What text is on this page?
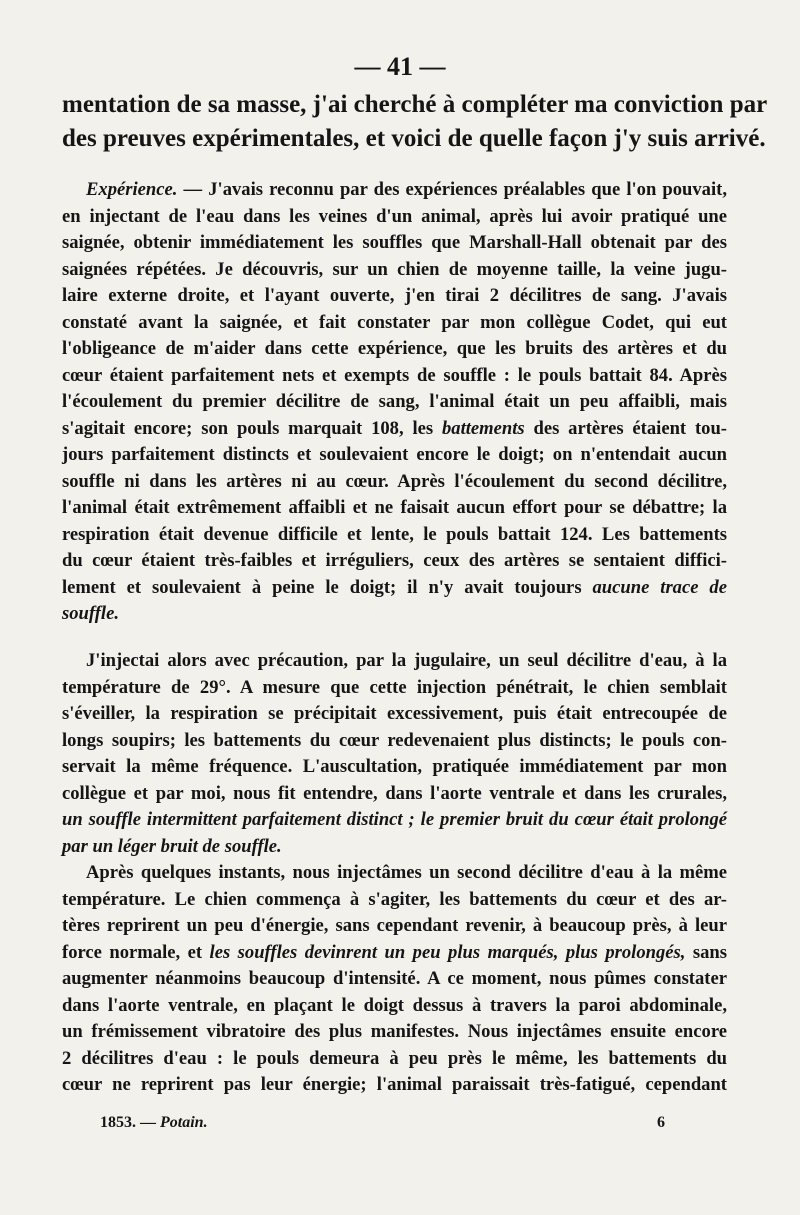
— 41 —
mentation de sa masse, j'ai cherché à compléter ma conviction par
des preuves expérimentales, et voici de quelle façon j'y suis arrivé.
Expérience. — J'avais reconnu par des expériences préalables que l'on pouvait,
en injectant de l'eau dans les veines d'un animal, après lui avoir pratiqué une
saignée, obtenir immédiatement les souffles que Marshall-Hall obtenait par des
saignées répétées. Je découvris, sur un chien de moyenne taille, la veine jugu-
laire externe droite, et l'ayant ouverte, j'en tirai 2 décilitres de sang. J'avais
constaté avant la saignée, et fait constater par mon collègue Codet, qui eut
l'obligeance de m'aider dans cette expérience, que les bruits des artères et du
cœur étaient parfaitement nets et exempts de souffle : le pouls battait 84. Après
l'écoulement du premier décilitre de sang, l'animal était un peu affaibli, mais
s'agitait encore; son pouls marquait 108, les battements des artères étaient tou-
jours parfaitement distincts et soulevaient encore le doigt; on n'entendait aucun
souffle ni dans les artères ni au cœur. Après l'écoulement du second décilitre,
l'animal était extrêmement affaibli et ne faisait aucun effort pour se débattre; la
respiration était devenue difficile et lente, le pouls battait 124. Les battements
du cœur étaient très-faibles et irréguliers, ceux des artères se sentaient diffici-
lement et soulevaient à peine le doigt; il n'y avait toujours aucune trace de
souffle.
J'injectai alors avec précaution, par la jugulaire, un seul décilitre d'eau, à la
température de 29°. A mesure que cette injection pénétrait, le chien semblait
s'éveiller, la respiration se précipitait excessivement, puis était entrecoupée de
longs soupirs; les battements du cœur redevenaient plus distincts; le pouls con-
servait la même fréquence. L'auscultation, pratiquée immédiatement par mon
collègue et par moi, nous fit entendre, dans l'aorte ventrale et dans les crurales,
un souffle intermittent parfaitement distinct ; le premier bruit du cœur était prolongé
par un léger bruit de souffle.
Après quelques instants, nous injectâmes un second décilitre d'eau à la même
température. Le chien commença à s'agiter, les battements du cœur et des ar-
tères reprirent un peu d'énergie, sans cependant revenir, à beaucoup près, à leur
force normale, et les souffles devinrent un peu plus marqués, plus prolongés, sans
augmenter néanmoins beaucoup d'intensité. A ce moment, nous pûmes constater
dans l'aorte ventrale, en plaçant le doigt dessus à travers la paroi abdominale,
un frémissement vibratoire des plus manifestes. Nous injectâmes ensuite encore
2 décilitres d'eau : le pouls demeura à peu près le même, les battements du
cœur ne reprirent pas leur énergie; l'animal paraissait très-fatigué, cependant
1853. — Potain.	6
